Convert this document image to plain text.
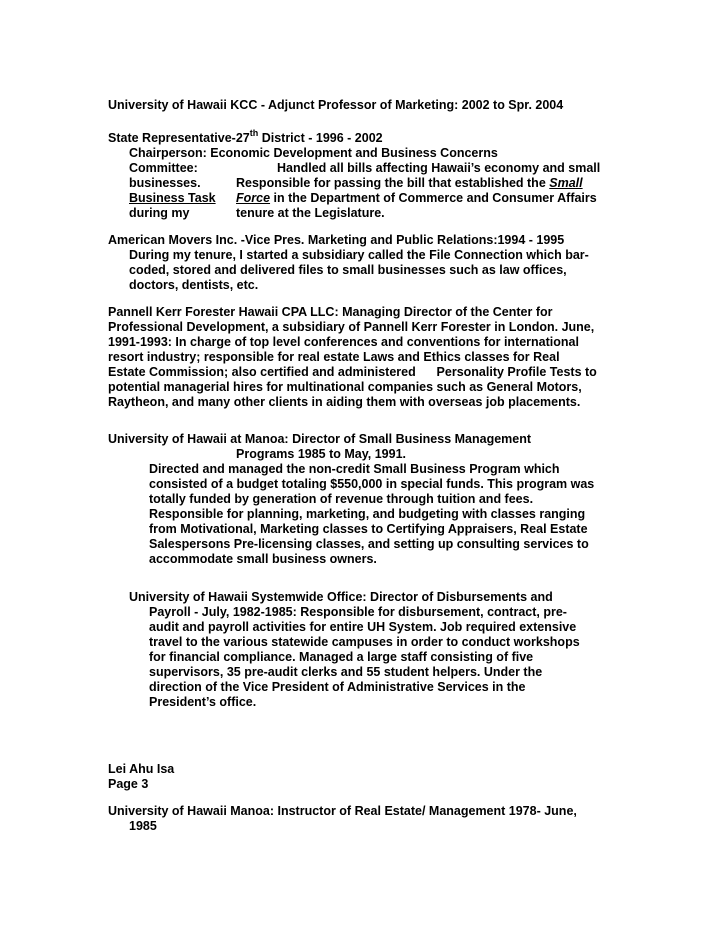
University of Hawaii KCC - Adjunct Professor of Marketing: 2002 to Spr. 2004

State Representative-27th District - 1996 - 2002

Chairperson: Economic Development and Business Concerns

Committee:

businesses.

Business Task

during my

Handled all bills affecting Hawaii’s economy and small

Responsible for passing the bill that established the Small

Force in the Department of Commerce and Consumer Affairs

tenure at the Legislature.

American Movers Inc. -Vice Pres. Marketing and Public Relations:1994 - 1995

During my tenure, I started a subsidiary called the File Connection which bar-

coded, stored and delivered files to small businesses such as law offices,

doctors, dentists, etc.

Pannell Kerr Forester Hawaii CPA LLC: Managing Director of the Center for

Professional Development, a subsidiary of Pannell Kerr Forester in London. June,

1991-1993: In charge of top level conferences and conventions for international

resort industry; responsible for real estate Laws and Ethics classes for Real

Estate Commission; also certified and administered      Personality Profile Tests to

potential managerial hires for multinational companies such as General Motors,

Raytheon, and many other clients in aiding them with overseas job placements.

University of Hawaii at Manoa: Director of Small Business Management

Programs 1985 to May, 1991.

Directed and managed the non-credit Small Business Program which

consisted of a budget totaling $550,000 in special funds. This program was

totally funded by generation of revenue through tuition and fees.

Responsible for planning, marketing, and budgeting with classes ranging

from Motivational, Marketing classes to Certifying Appraisers, Real Estate

Salespersons Pre-licensing classes, and setting up consulting services to

accommodate small business owners.

University of Hawaii Systemwide Office: Director of Disbursements and

Payroll - July, 1982-1985: Responsible for disbursement, contract, pre-

audit and payroll activities for entire UH System. Job required extensive

travel to the various statewide campuses in order to conduct workshops

for financial compliance. Managed a large staff consisting of five

supervisors, 35 pre-audit clerks and 55 student helpers. Under the

direction of the Vice President of Administrative Services in the

President’s office.

Lei Ahu Isa

Page 3

University of Hawaii Manoa: Instructor of Real Estate/ Management 1978- June,

1985
